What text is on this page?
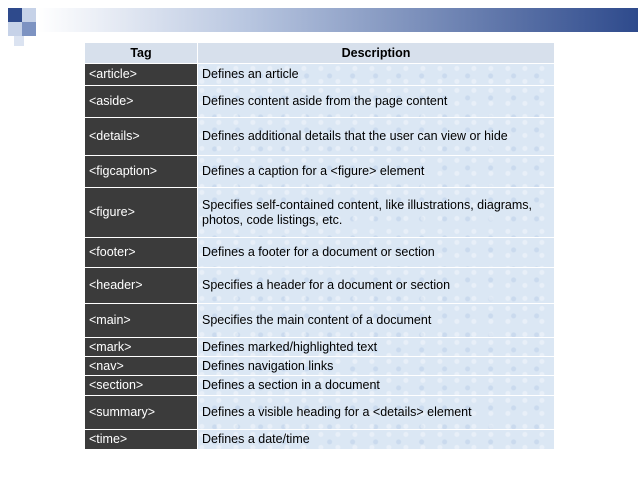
Tag	Description
<article>	Defines an article
<aside>	Defines content aside from the page content
<details>	Defines additional details that the user can view or hide
<figcaption>	Defines a caption for a <figure> element
<figure>	Specifies self-contained content, like illustrations, diagrams, photos, code listings, etc.
<footer>	Defines a footer for a document or section
<header>	Specifies a header for a document or section
<main>	Specifies the main content of a document
<mark>	Defines marked/highlighted text
<nav>	Defines navigation links
<section>	Defines a section in a document
<summary>	Defines a visible heading for a <details> element
<time>	Defines a date/time
